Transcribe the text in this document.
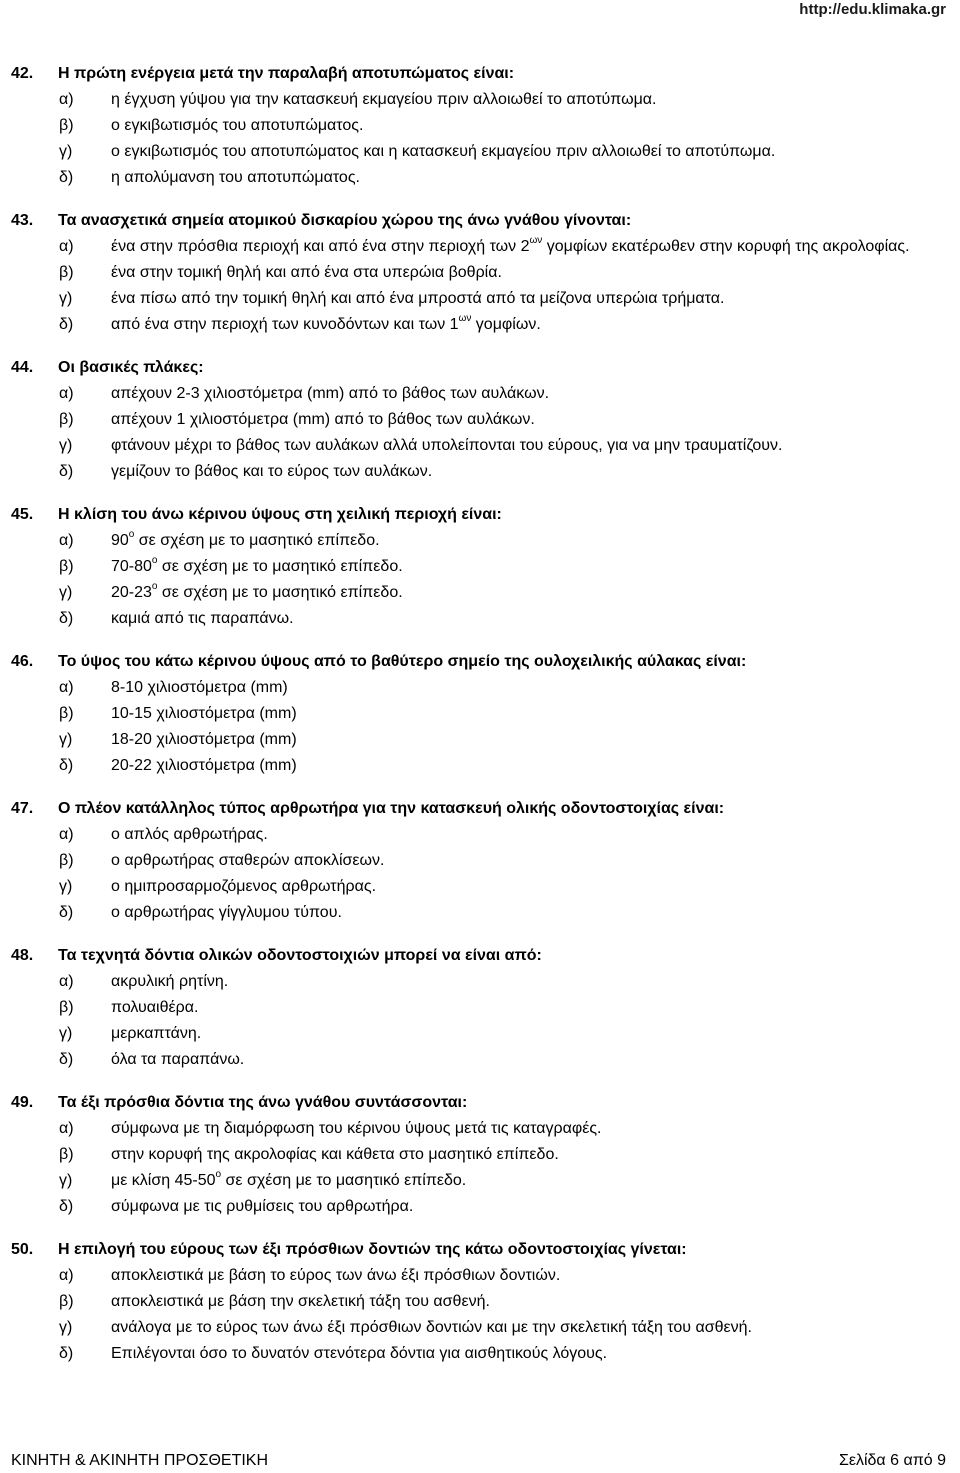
http://edu.klimaka.gr
42.	Η πρώτη ενέργεια μετά την παραλαβή αποτυπώματος είναι:
α)	η έγχυση γύψου για την κατασκευή εκμαγείου πριν αλλοιωθεί το αποτύπωμα.
β)	ο εγκιβωτισμός του αποτυπώματος.
γ)	ο εγκιβωτισμός του αποτυπώματος και η κατασκευή εκμαγείου πριν αλλοιωθεί το αποτύπωμα.
δ)	η απολύμανση του αποτυπώματος.
43.	Τα ανασχετικά σημεία ατομικού δισκαρίου χώρου της άνω γνάθου γίνονται:
α)	ένα στην πρόσθια περιοχή και από ένα στην περιοχή των $2^{\omega\nu}$ γομφίων εκατέρωθεν στην κορυφή της ακρολοφίας.
β)	ένα στην τομική θηλή και από ένα στα υπερώια βοθρία.
γ)	ένα πίσω από την τομική θηλή και από ένα μπροστά από τα μείζονα υπερώια τρήματα.
δ)	από ένα στην περιοχή των κυνοδόντων και των $1^{\omega\nu}$ γομφίων.
44.	Οι βασικές πλάκες:
α)	απέχουν 2-3 χιλιοστόμετρα (mm) από το βάθος των αυλάκων.
β)	απέχουν 1 χιλιοστόμετρα (mm) από το βάθος των αυλάκων.
γ)	φτάνουν μέχρι το βάθος των αυλάκων αλλά υπολείπονται του εύρους, για να μην τραυματίζουν.
δ)	γεμίζουν το βάθος και το εύρος των αυλάκων.
45.	Η κλίση του άνω κέρινου ύψους στη χειλική περιοχή είναι:
α)	$90^o$ σε σχέση με το μασητικό επίπεδο.
β)	$70-80^o$ σε σχέση με το μασητικό επίπεδο.
γ)	$20-23^o$ σε σχέση με το μασητικό επίπεδο.
δ)	καμιά από τις παραπάνω.
46.	Το ύψος του κάτω κέρινου ύψους από το βαθύτερο σημείο της ουλοχειλικής αύλακας είναι:
α)	8-10 χιλιοστόμετρα (mm)
β)	10-15 χιλιοστόμετρα (mm)
γ)	18-20 χιλιοστόμετρα (mm)
δ)	20-22 χιλιοστόμετρα (mm)
47.	Ο πλέον κατάλληλος τύπος αρθρωτήρα για την κατασκευή ολικής οδοντοστοιχίας είναι:
α)	ο απλός αρθρωτήρας.
β)	ο αρθρωτήρας σταθερών αποκλίσεων.
γ)	ο ημιπροσαρμοζόμενος αρθρωτήρας.
δ)	ο αρθρωτήρας γίγγλυμου τύπου.
48.	Τα τεχνητά δόντια ολικών οδοντοστοιχιών μπορεί να είναι από:
α)	ακρυλική ρητίνη.
β)	πολυαιθέρα.
γ)	μερκαπτάνη.
δ)	όλα τα παραπάνω.
49.	Τα έξι πρόσθια δόντια της άνω γνάθου συντάσσονται:
α)	σύμφωνα με τη διαμόρφωση του κέρινου ύψους μετά τις καταγραφές.
β)	στην κορυφή της ακρολοφίας και κάθετα στο μασητικό επίπεδο.
γ)	με κλίση $45-50^o$ σε σχέση με το μασητικό επίπεδο.
δ)	σύμφωνα με τις ρυθμίσεις του αρθρωτήρα.
50.	Η επιλογή του εύρους των έξι πρόσθιων δοντιών της κάτω οδοντοστοιχίας γίνεται:
α)	αποκλειστικά με βάση το εύρος των άνω έξι πρόσθιων δοντιών.
β)	αποκλειστικά με βάση την σκελετική τάξη του ασθενή.
γ)	ανάλογα με το εύρος των άνω έξι πρόσθιων δοντιών και με την σκελετική τάξη του ασθενή.
δ)	Επιλέγονται όσο το δυνατόν στενότερα δόντια για αισθητικούς λόγους.
ΚΙΝΗΤΗ & ΑΚΙΝΗΤΗ ΠΡΟΣΘΕΤΙΚΗ	Σελίδα 6 από 9
